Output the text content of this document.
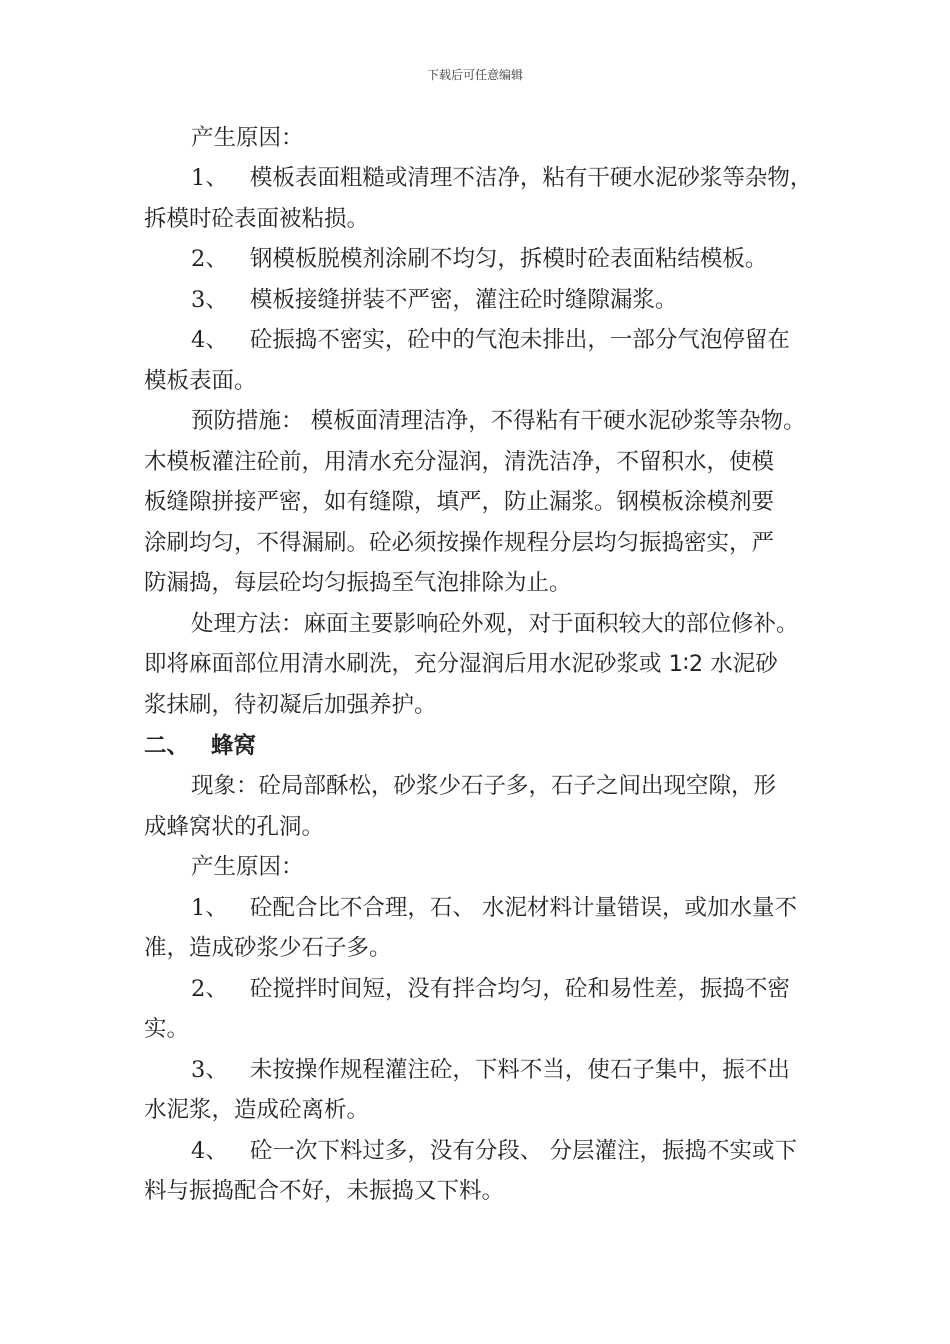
下载后可任意编辑
产生原因：
1、 模板表面粗糙或清理不洁净，粘有干硬水泥砂浆等杂物，
拆模时砼表面被粘损。
2、 钢模板脱模剂涂刷不均匀，拆模时砼表面粘结模板。
3、 模板接缝拼装不严密，灌注砼时缝隙漏浆。
4、 砼振捣不密实，砼中的气泡未排出，一部分气泡停留在
模板表面。
预防措施： 模板面清理洁净，不得粘有干硬水泥砂浆等杂物。
木模板灌注砼前，用清水充分湿润，清洗洁净，不留积水，使模
板缝隙拼接严密，如有缝隙，填严，防止漏浆。钢模板涂模剂要
涂刷均匀，不得漏刷。砼必须按操作规程分层均匀振捣密实，严
防漏捣，每层砼均匀振捣至气泡排除为止。
处理方法：麻面主要影响砼外观，对于面积较大的部位修补。
即将麻面部位用清水刷洗，充分湿润后用水泥砂浆或 1∶2 水泥砂
浆抹刷，待初凝后加强养护。
二、 蜂窝
现象：砼局部酥松，砂浆少石子多，石子之间出现空隙，形
成蜂窝状的孔洞。
产生原因：
1、 砼配合比不合理，石、 水泥材料计量错误，或加水量不
准，造成砂浆少石子多。
2、 砼搅拌时间短，没有拌合均匀，砼和易性差，振捣不密
实。
3、 未按操作规程灌注砼，下料不当，使石子集中，振不出
水泥浆，造成砼离析。
4、 砼一次下料过多，没有分段、 分层灌注，振捣不实或下
料与振捣配合不好，未振捣又下料。
